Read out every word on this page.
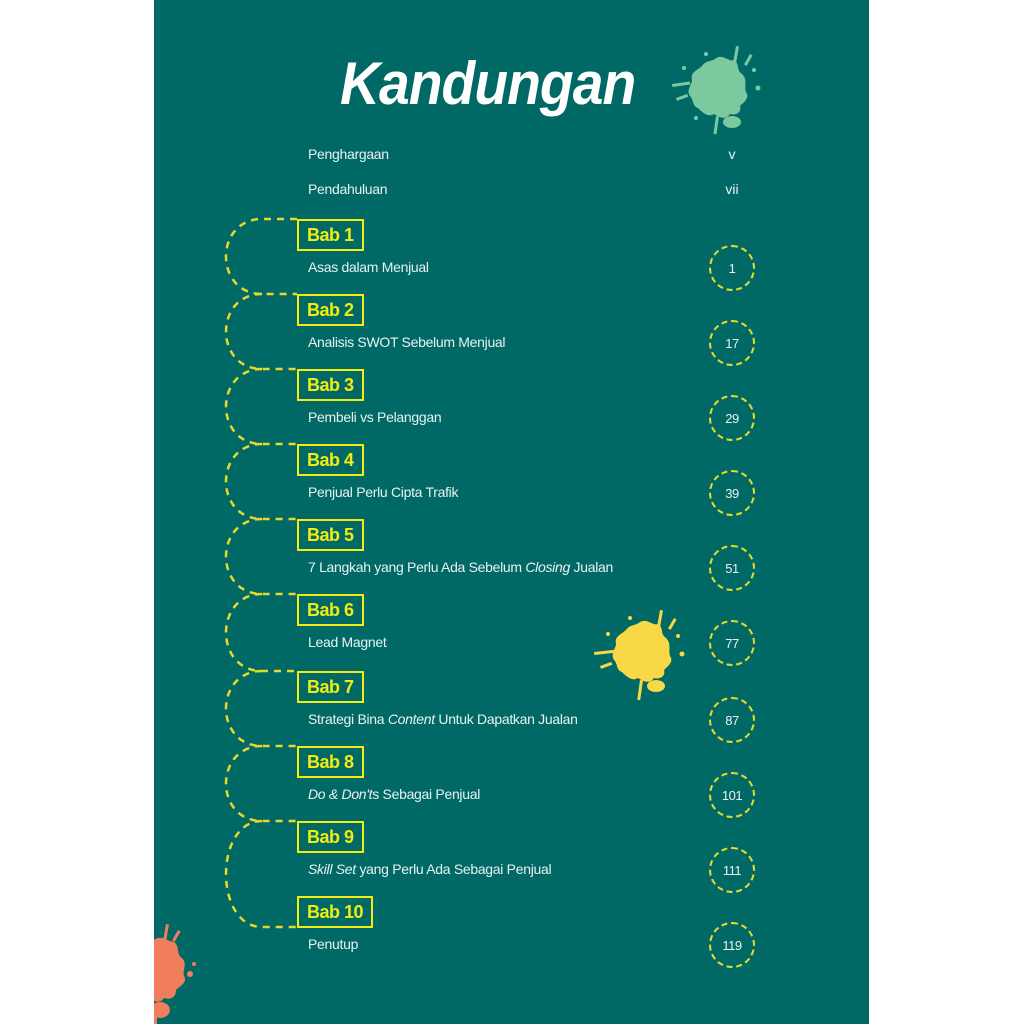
Kandungan
Penghargaan	v
Pendahuluan	vii
Bab 1
Asas dalam Menjual	1
Bab 2
Analisis SWOT Sebelum Menjual	17
Bab 3
Pembeli vs Pelanggan	29
Bab 4
Penjual Perlu Cipta Trafik	39
Bab 5
7 Langkah yang Perlu Ada Sebelum Closing Jualan	51
Bab 6
Lead Magnet	77
Bab 7
Strategi Bina Content Untuk Dapatkan Jualan	87
Bab 8
Do & Don'ts Sebagai Penjual	101
Bab 9
Skill Set yang Perlu Ada Sebagai Penjual	111
Bab 10
Penutup	119
